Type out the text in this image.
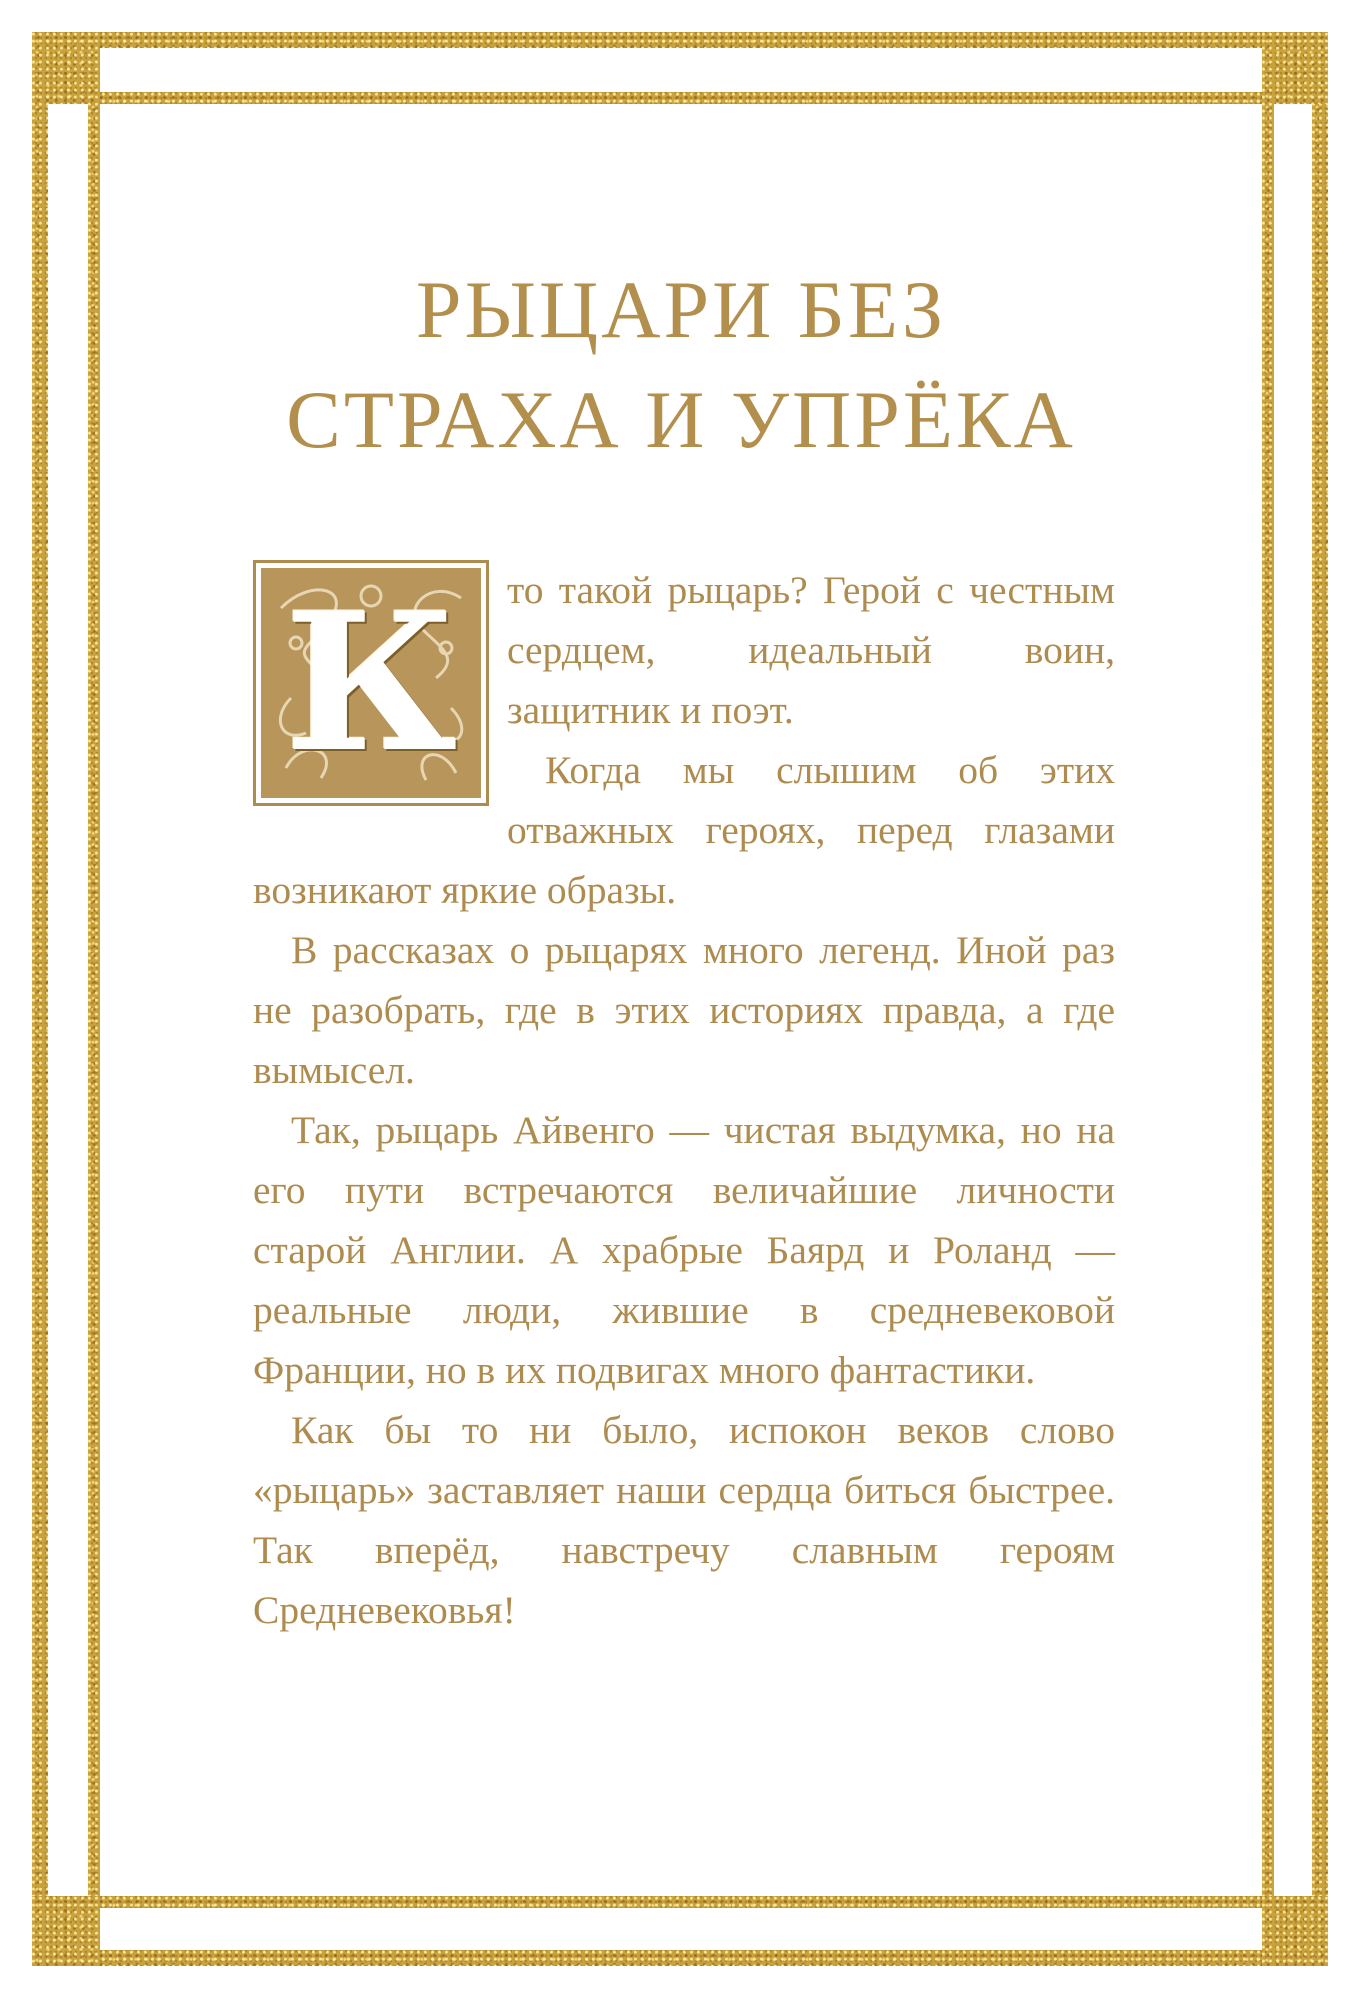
РЫЦАРИ БЕЗ
СТРАХА И УПРЁКА
К	то такой рыцарь? Герой с честным сердцем, идеальный воин, защитник и поэт.

Когда мы слышим об этих отважных героях, перед глазами возникают яркие образы.

В рассказах о рыцарях много легенд. Иной раз не разобрать, где в этих историях правда, а где вымысел.

Так, рыцарь Айвенго — чистая выдумка, но на его пути встречаются величайшие личности старой Англии. А храбрые Баярд и Роланд — реальные люди, жившие в средневековой Франции, но в их подвигах много фантастики.

Как бы то ни было, испокон веков слово «рыцарь» заставляет наши сердца биться быстрее. Так вперёд, навстречу славным героям Средневековья!
